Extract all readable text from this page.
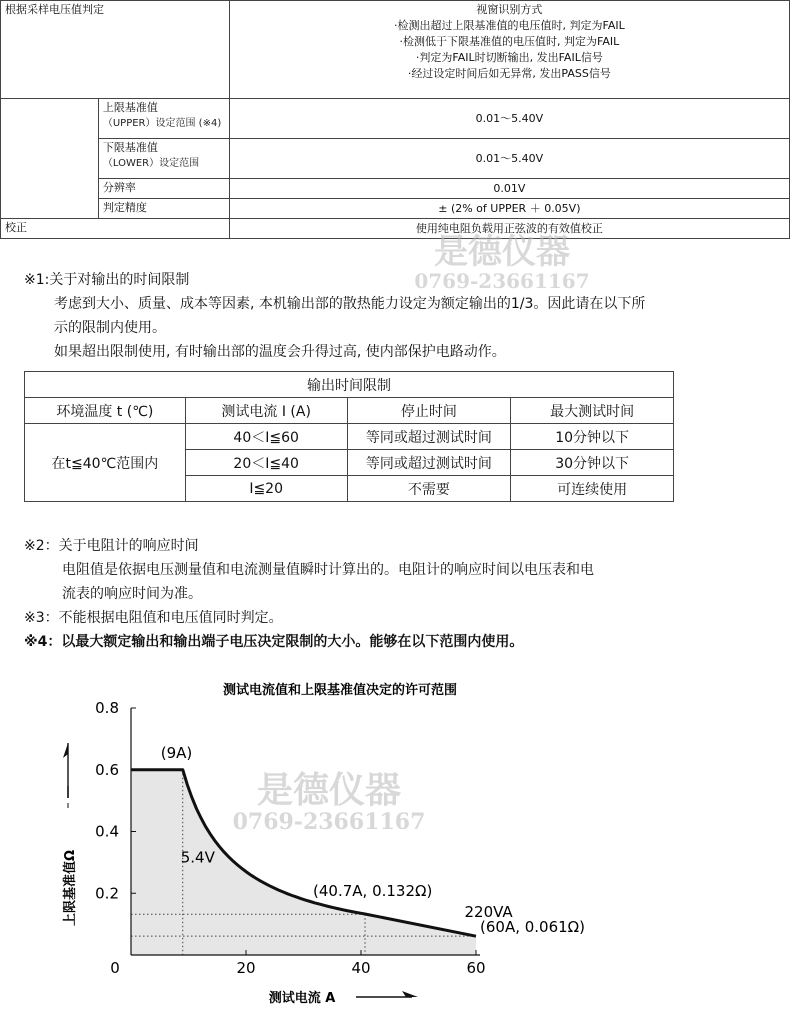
根据采样电压值判定		视窗识别方式
·检测出超过上限基准值的电压值时, 判定为FAIL
·检测低于下限基准值的电压值时, 判定为FAIL
·判定为FAIL时切断输出, 发出FAIL信号
·经过设定时间后如无异常, 发出PASS信号

	上限基准值
（UPPER）设定范围 (※4)	0.01～5.40V

	下限基准值
（LOWER）设定范围	0.01～5.40V
	分辨率	0.01V
	判定精度	± (2% of UPPER ＋ 0.05V)
校正		使用纯电阻负载用正弦波的有效值校正
是德仪器
0769-23661167

※1:关于对输出的时间限制

考虑到大小、质量、成本等因素, 本机输出部的散热能力设定为额定输出的1/3。因此请在以下所

示的限制内使用。

如果超出限制使用, 有时输出部的温度会升得过高, 使内部保护电路动作。

输出时间限制			
环境温度 t (℃)	测试电流 I (A)	停止时间	最大测试时间
在t≦40℃范围内	40＜I≦60	等同或超过测试时间	10分钟以下
	20＜I≦40	等同或超过测试时间	30分钟以下
	I≦20	不需要	可连续使用

※2：关于电阻计的响应时间

电阻值是依据电压测量值和电流测量值瞬时计算出的。电阻计的响应时间以电压表和电

流表的响应时间为准。

※3：不能根据电阻值和电压值同时判定。

※4：以最大额定输出和输出端子电压决定限制的大小。能够在以下范围内使用。

测试电流值和上限基准值决定的许可范围
0	20	40	60
0.2
0.4
0.6
0.8
(9A)
5.4V
(40.7A, 0.132Ω)
220VA
(60A, 0.061Ω)
上限基准值Ω
测试电流 A
是德仪器
0769-23661167
